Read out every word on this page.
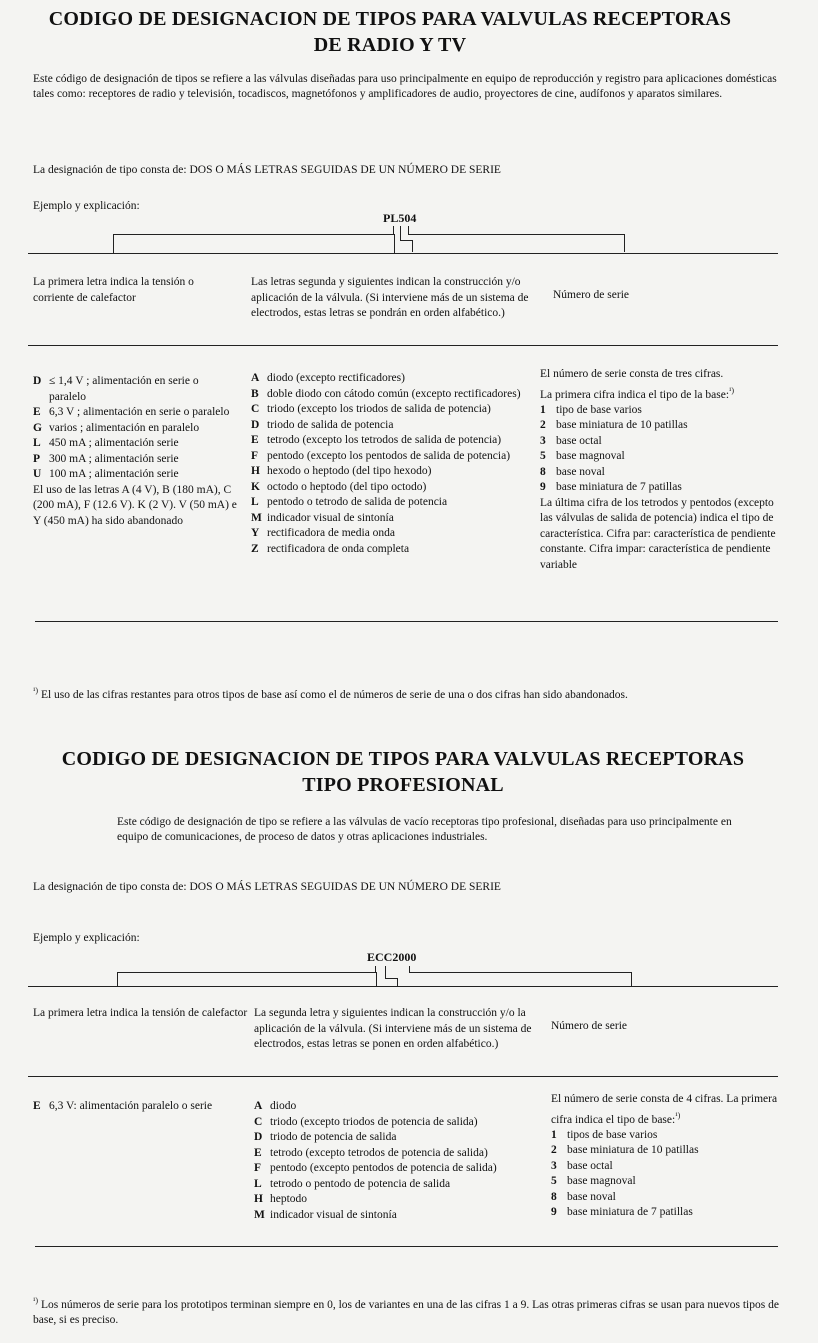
CODIGO DE DESIGNACION DE TIPOS PARA VALVULAS RECEPTORAS
DE RADIO Y TV
Este código de designación de tipos se refiere a las válvulas diseñadas para uso principalmente en equipo de reproducción y registro para aplicaciones domésticas tales como: receptores de radio y televisión, tocadiscos, magnetófonos y amplificadores de audio, proyectores de cine, audífonos y aparatos similares.
La designación de tipo consta de: DOS O MÁS LETRAS SEGUIDAS DE UN NÚMERO DE SERIE
Ejemplo y explicación:
PL504
La primera letra indica la tensión o corriente de calefactor
Las letras segunda y siguientes indican la construcción y/o aplicación de la válvula. (Si interviene más de un sistema de electrodos, estas letras se pondrán en orden alfabético.)
Número de serie
D ≤ 1,4 V ; alimentación en serie o paralelo
E 6,3 V ; alimentación en serie o paralelo
G varios ; alimentación en paralelo
L 450 mA ; alimentación serie
P 300 mA ; alimentación serie
U 100 mA ; alimentación serie
El uso de las letras A (4 V), B (180 mA), C (200 mA), F (12.6 V). K (2 V). V (50 mA) e Y (450 mA) ha sido abandonado
A diodo (excepto rectificadores)
B doble diodo con cátodo común (excepto rectificadores)
C triodo (excepto los triodos de salida de potencia)
D triodo de salida de potencia
E tetrodo (excepto los tetrodos de salida de potencia)
F pentodo (excepto los pentodos de salida de potencia)
H hexodo o heptodo (del tipo hexodo)
K octodo o heptodo (del tipo octodo)
L pentodo o tetrodo de salida de potencia
M indicador visual de sintonía
Y rectificadora de media onda
Z rectificadora de onda completa
El número de serie consta de tres cifras.
La primera cifra indica el tipo de la base:$^{^1)}$
1 tipo de base varios
2 base miniatura de 10 patillas
3 base octal
5 base magnoval
8 base noval
9 base miniatura de 7 patillas
La última cifra de los tetrodos y pentodos (excepto las válvulas de salida de potencia) indica el tipo de característica. Cifra par: característica de pendiente constante. Cifra impar: característica de pendiente variable
$^{^1)}$ El uso de las cifras restantes para otros tipos de base así como el de números de serie de una o dos cifras han sido abandonados.
CODIGO DE DESIGNACION DE TIPOS PARA VALVULAS RECEPTORAS
TIPO PROFESIONAL
Este código de designación de tipo se refiere a las válvulas de vacío receptoras tipo profesional, diseñadas para uso principalmente en equipo de comunicaciones, de proceso de datos y otras aplicaciones industriales.
La designación de tipo consta de: DOS O MÁS LETRAS SEGUIDAS DE UN NÚMERO DE SERIE
Ejemplo y explicación:
ECC2000
La primera letra indica la tensión de calefactor La segunda letra y siguientes indican la construcción y/o la aplicación de la válvula. (Si interviene más de un sistema de electrodos, estas letras se ponen en orden alfabético.)
Número de serie
E 6,3 V: alimentación paralelo o serie	A diodo
C triodo (excepto triodos de potencia de salida)
D triodo de potencia de salida
E tetrodo (excepto tetrodos de potencia de salida)
F pentodo (excepto pentodos de potencia de salida)
L tetrodo o pentodo de potencia de salida
H heptodo
M indicador visual de sintonía
El número de serie consta de 4 cifras. La primera cifra indica el tipo de base:$^{^1)}$
1 tipos de base varios
2 base miniatura de 10 patillas
3 base octal
5 base magnoval
8 base noval
9 base miniatura de 7 patillas
$^{^1)}$ Los números de serie para los prototipos terminan siempre en 0, los de variantes en una de las cifras 1 a 9. Las otras primeras cifras se usan para nuevos tipos de base, si es preciso.
